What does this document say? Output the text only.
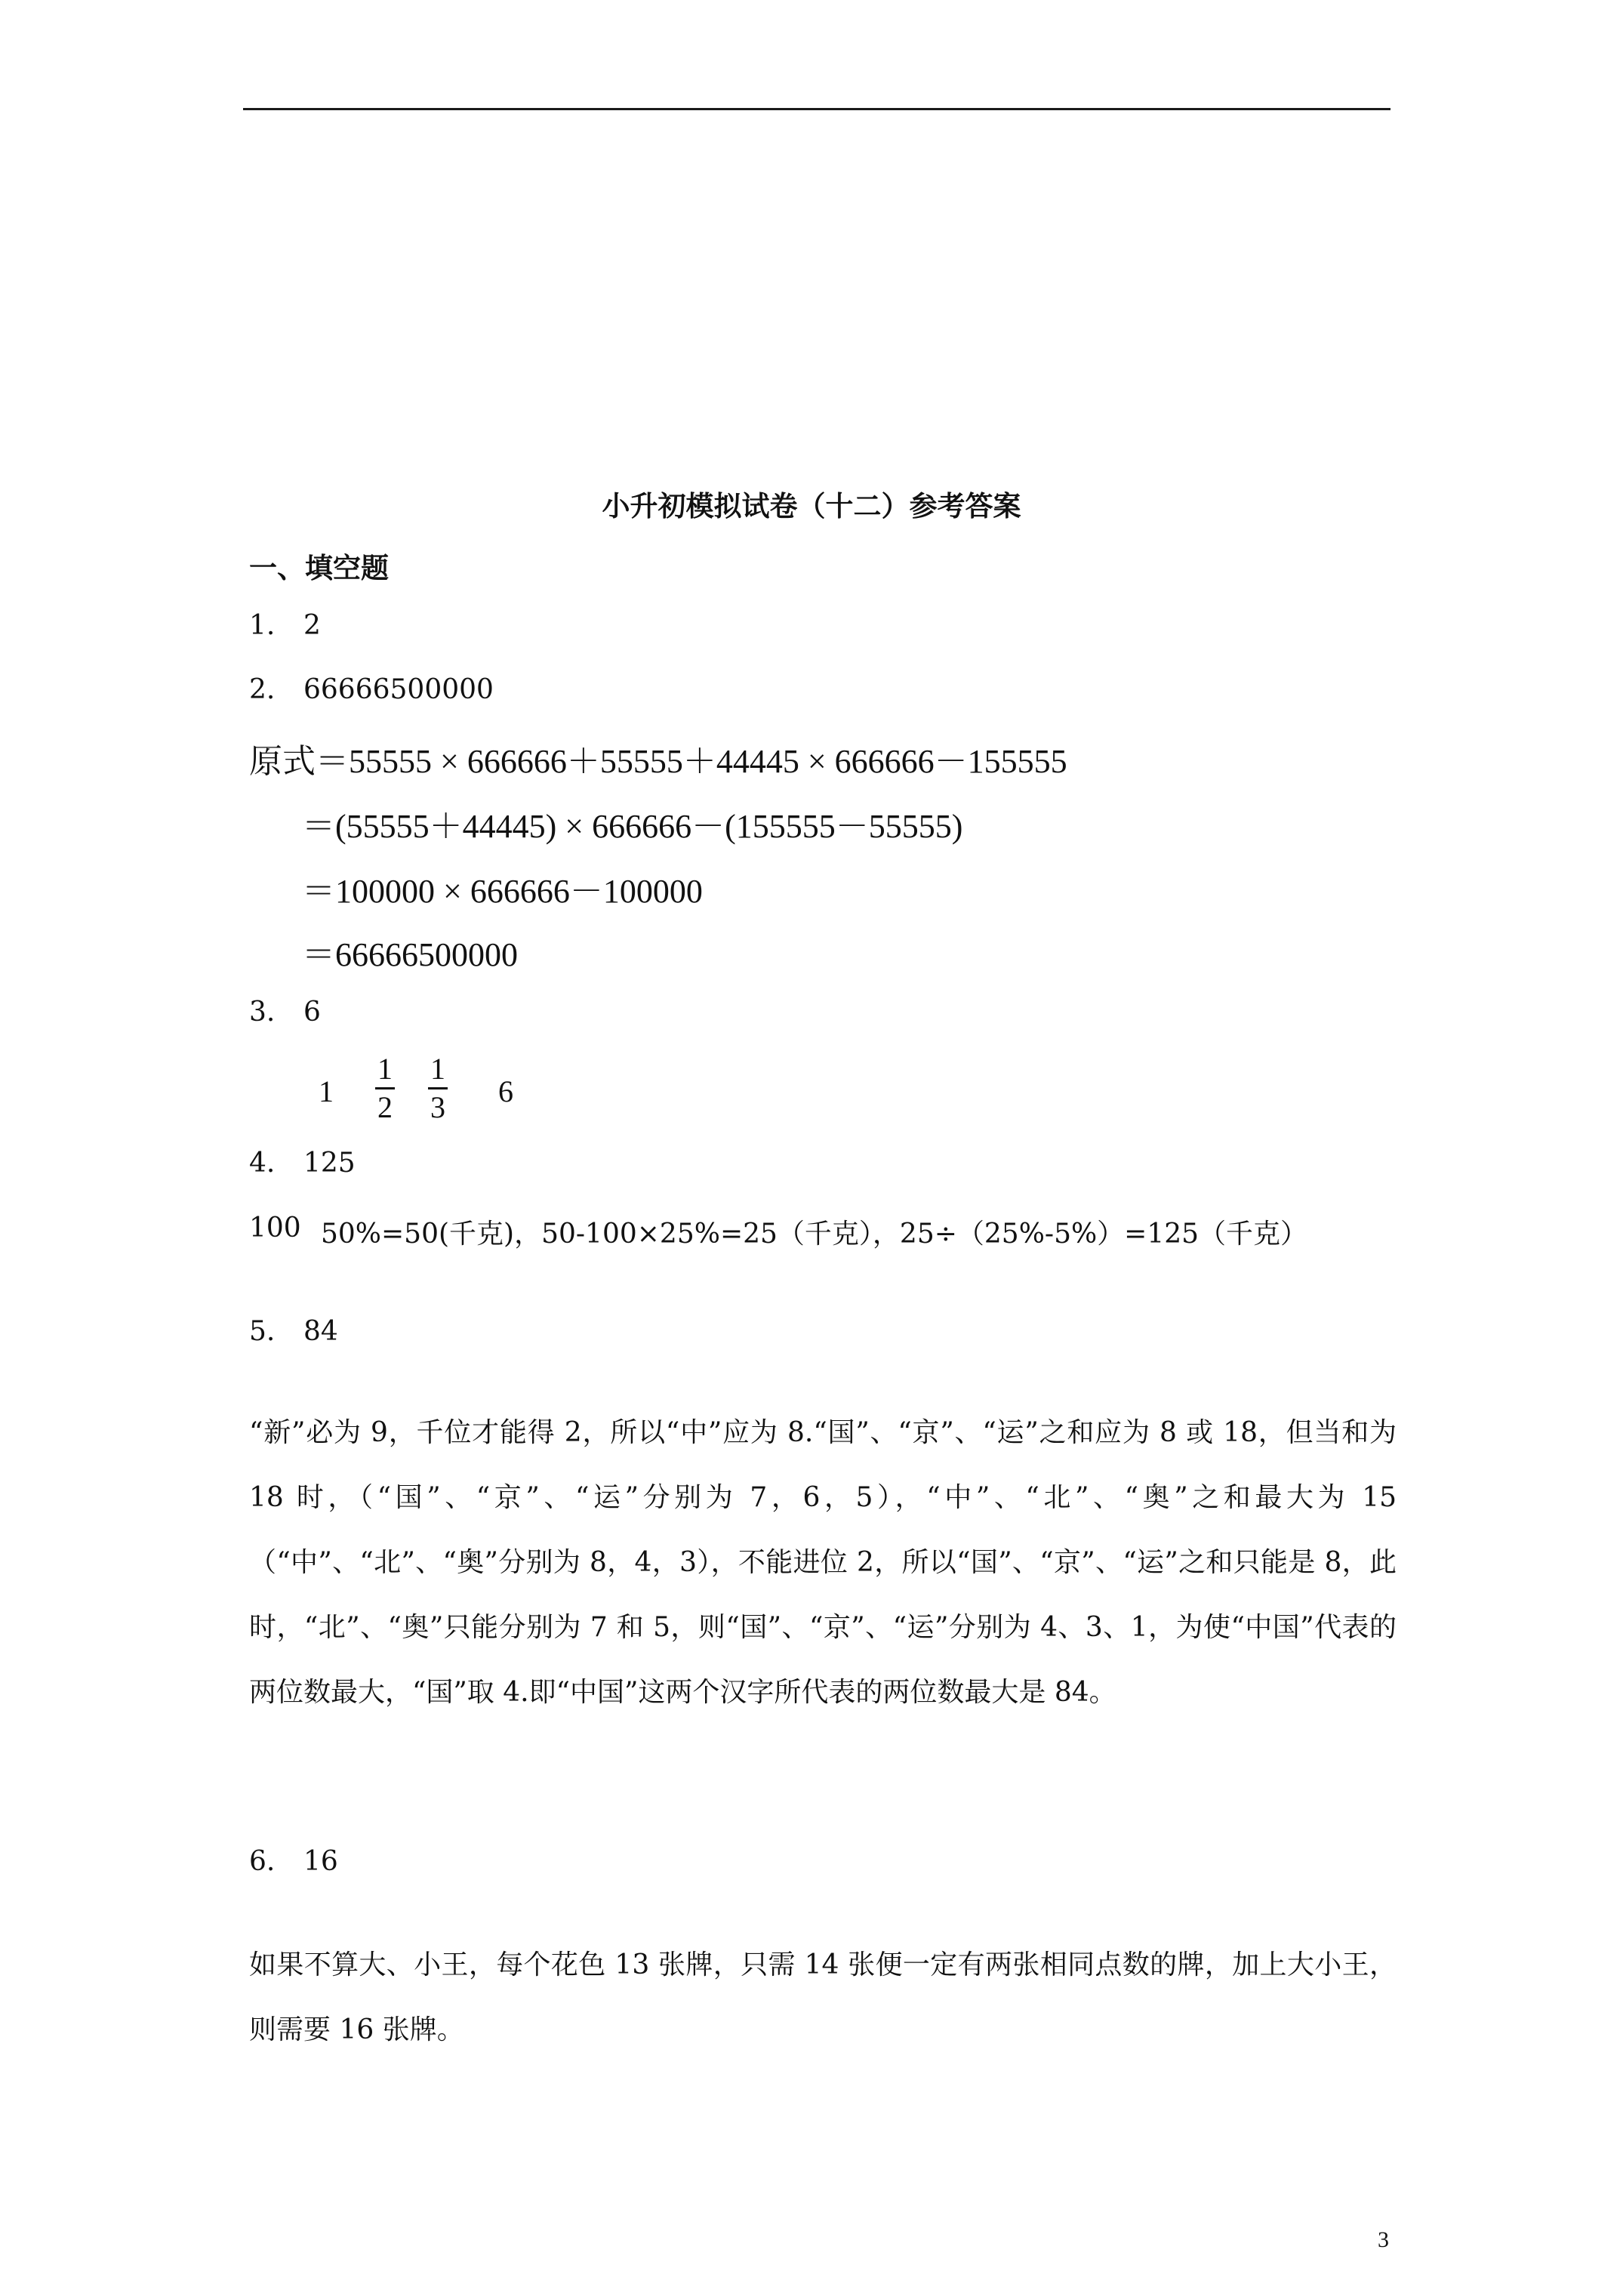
小升初模拟试卷（十二）参考答案
一、填空题
1. 2
2. 66666500000
原式＝55555 × 666666＋55555＋44445 × 666666－155555
＝(55555＋44445) × 666666－(155555－55555)
＝100000 × 666666－100000
＝66666500000
3. 6
1
1
2
1
3 6
4. 125
100 50%=50(千克)，50-100×25%=25（千克），25÷（25%-5%）=125（千克）
5. 84
“新”必为 9，千位才能得 2，所以“中”应为 8.“国”、“京”、“运”之和应为 8 或 18，但当和为 18 时，（“国”、“京”、“运”分别为 7，6，5），“中”、“北”、“奥”之和最大为 15（“中”、“北”、“奥”分别为 8，4，3），不能进位 2，所以“国”、“京”、“运”之和只能是 8，此时，“北”、“奥”只能分别为 7 和 5，则“国”、“京”、“运”分别为 4、3、1，为使“中国”代表的两位数最大，“国”取 4.即“中国”这两个汉字所代表的两位数最大是 84。
6. 16
如果不算大、小王，每个花色 13 张牌，只需 14 张便一定有两张相同点数的牌，加上大小王，则需要 16 张牌。
3
